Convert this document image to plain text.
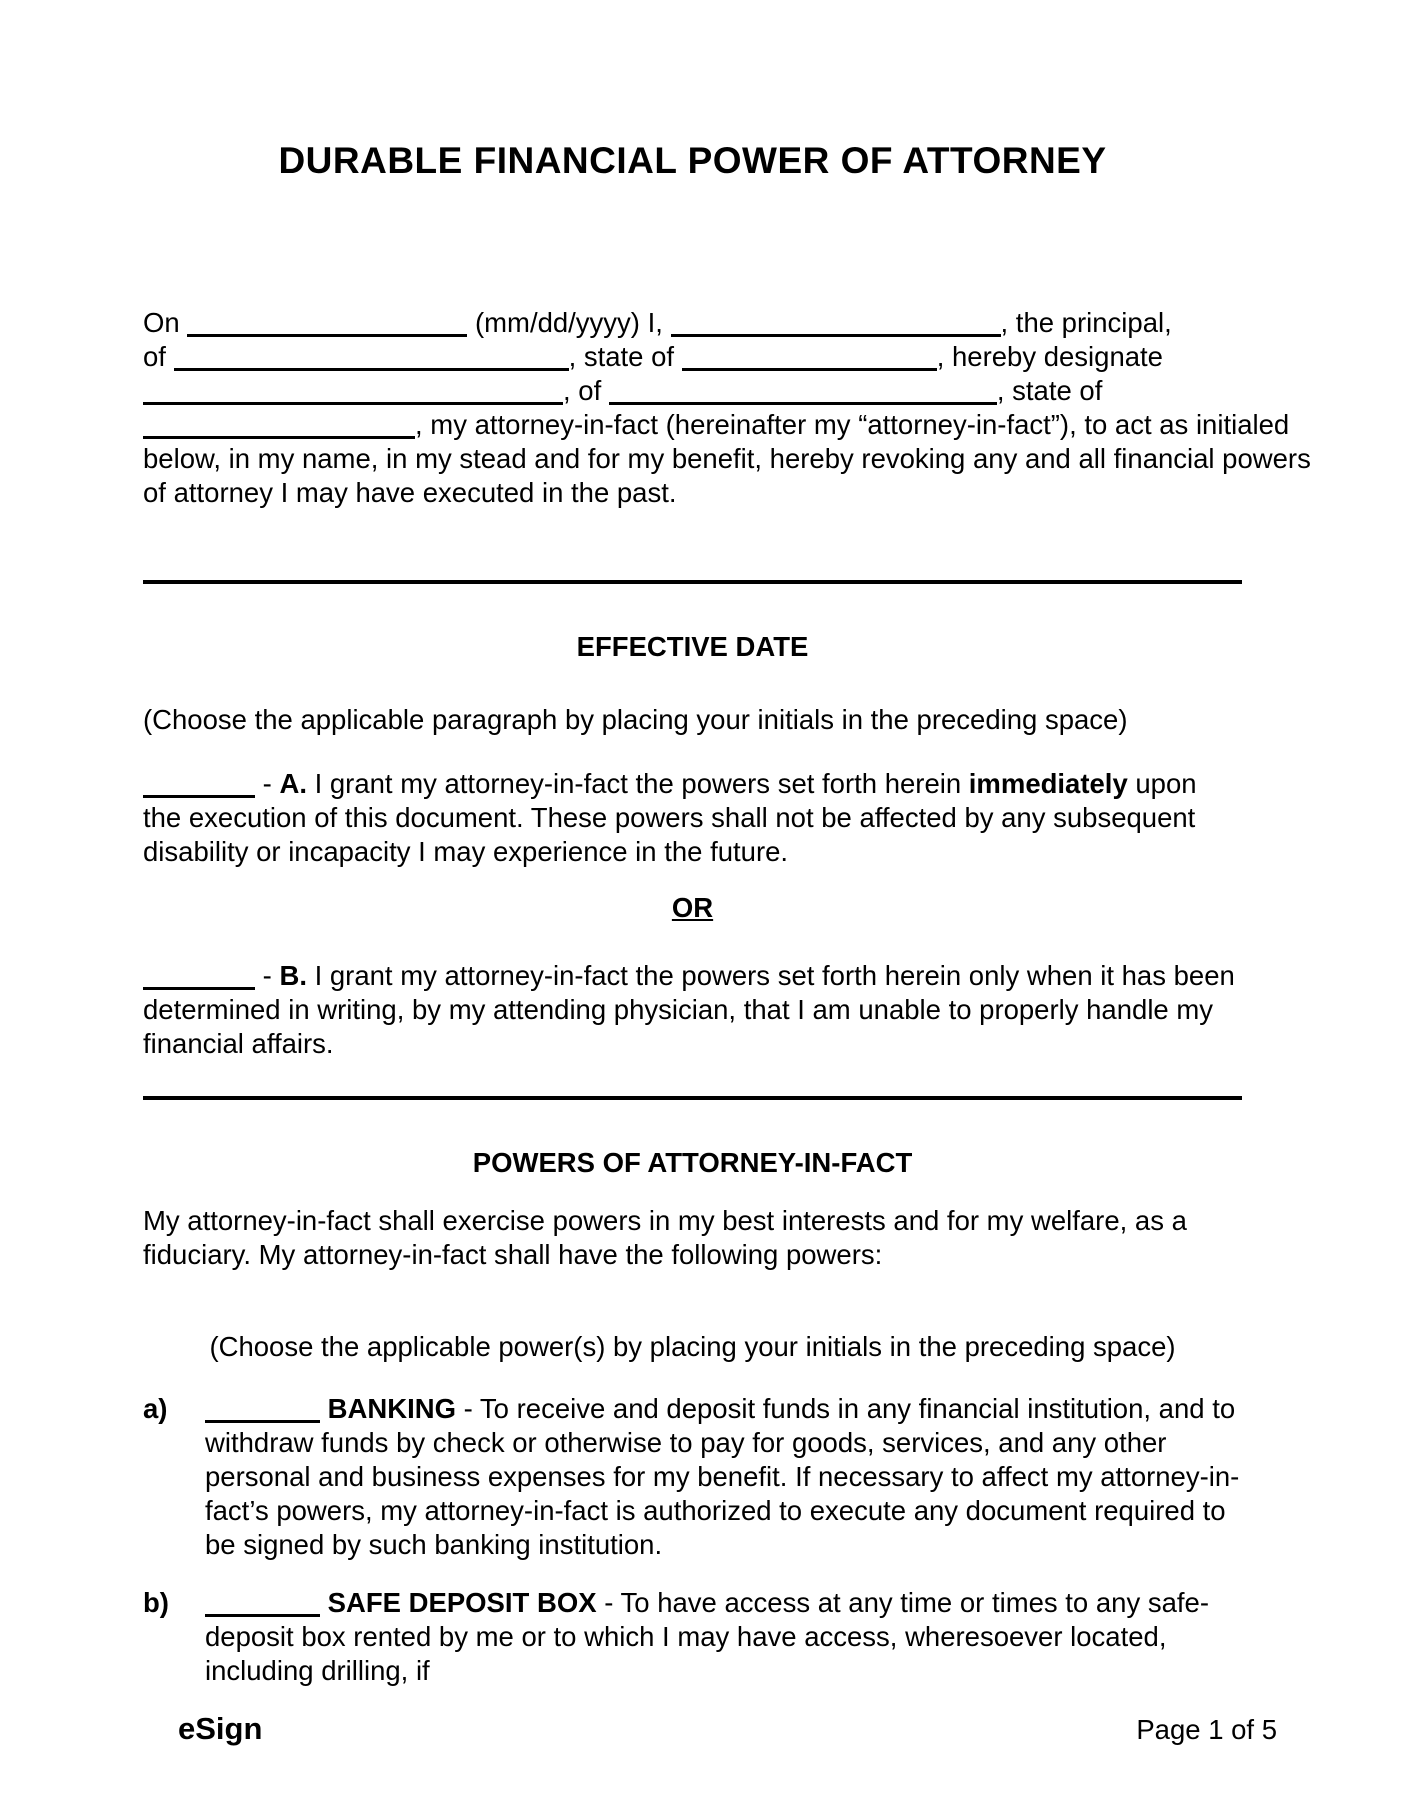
DURABLE FINANCIAL POWER OF ATTORNEY
On	(mm/dd/yyyy) I,	, the principal,
of	, state of	, hereby designate
, of	, state of
, my attorney-in-fact (hereinafter my “attorney-in-fact”), to act as initialed
below, in my name, in my stead and for my benefit, hereby revoking any and all financial powers
of attorney I may have executed in the past.
EFFECTIVE DATE
(Choose the applicable paragraph by placing your initials in the preceding space)
- A. I grant my attorney-in-fact the powers set forth herein immediately upon the execution of this document. These powers shall not be affected by any subsequent disability or incapacity I may experience in the future.
OR
- B. I grant my attorney-in-fact the powers set forth herein only when it has been determined in writing, by my attending physician, that I am unable to properly handle my financial affairs.
POWERS OF ATTORNEY-IN-FACT
My attorney-in-fact shall exercise powers in my best interests and for my welfare, as a fiduciary. My attorney-in-fact shall have the following powers:
(Choose the applicable power(s) by placing your initials in the preceding space)
a)	BANKING - To receive and deposit funds in any financial institution, and to withdraw funds by check or otherwise to pay for goods, services, and any other personal and business expenses for my benefit. If necessary to affect my attorney-in-fact’s powers, my attorney-in-fact is authorized to execute any document required to be signed by such banking institution.
b)	SAFE DEPOSIT BOX - To have access at any time or times to any safe-deposit box rented by me or to which I may have access, wheresoever located, including drilling, if
eSign	Page 1 of 5
